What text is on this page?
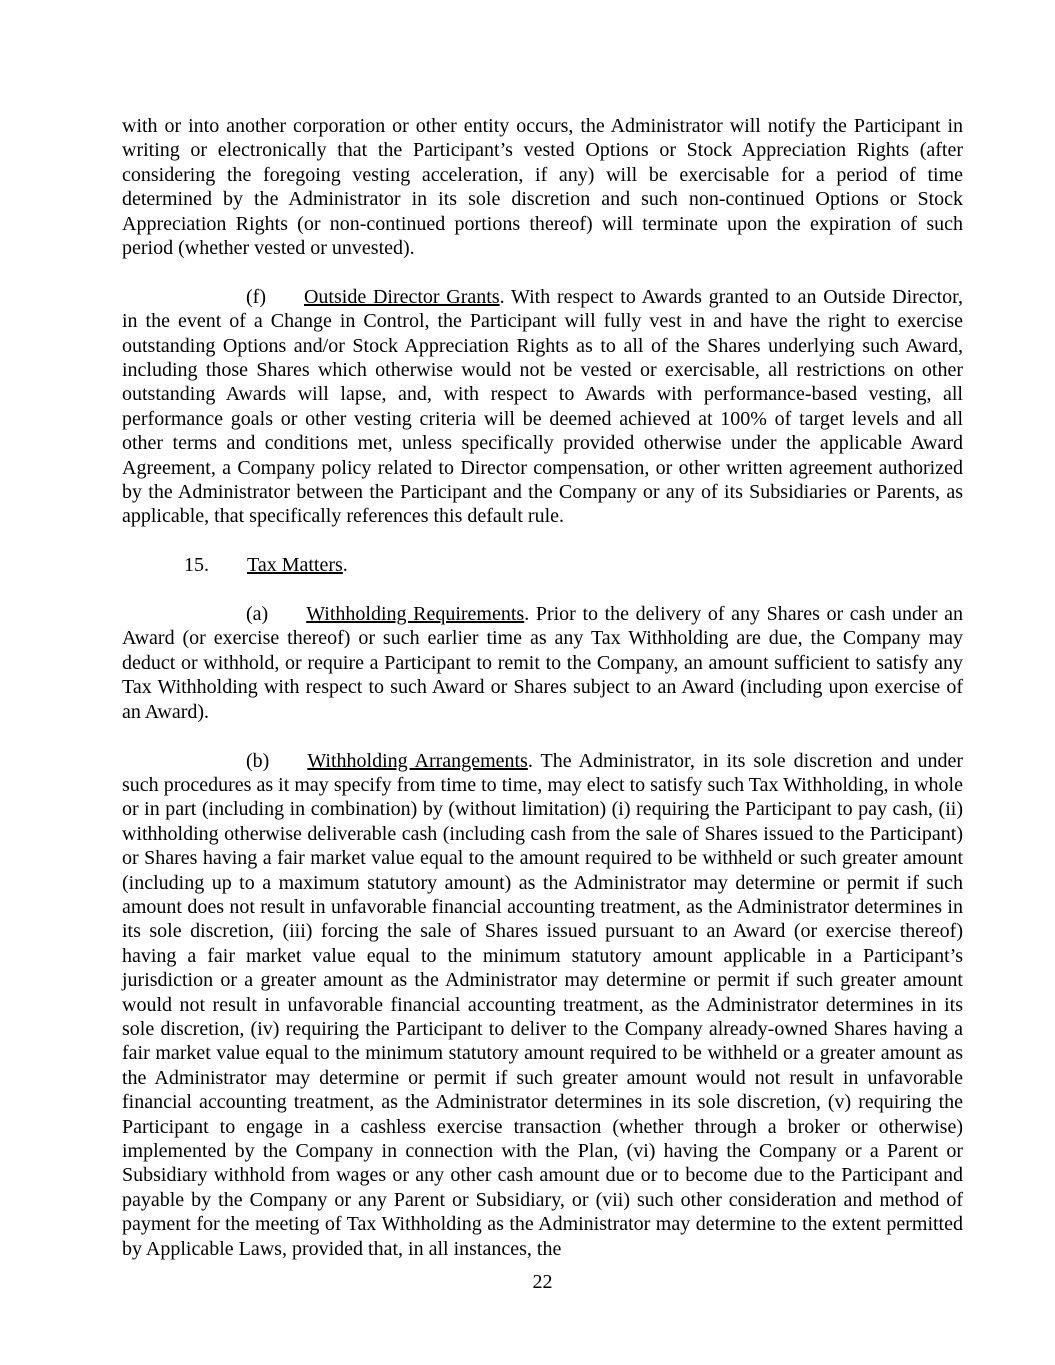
with or into another corporation or other entity occurs, the Administrator will notify the Participant in writing or electronically that the Participant’s vested Options or Stock Appreciation Rights (after considering the foregoing vesting acceleration, if any) will be exercisable for a period of time determined by the Administrator in its sole discretion and such non-continued Options or Stock Appreciation Rights (or non-continued portions thereof) will terminate upon the expiration of such period (whether vested or unvested).

(f) Outside Director Grants. With respect to Awards granted to an Outside Director, in the event of a Change in Control, the Participant will fully vest in and have the right to exercise outstanding Options and/or Stock Appreciation Rights as to all of the Shares underlying such Award, including those Shares which otherwise would not be vested or exercisable, all restrictions on other outstanding Awards will lapse, and, with respect to Awards with performance-based vesting, all performance goals or other vesting criteria will be deemed achieved at 100% of target levels and all other terms and conditions met, unless specifically provided otherwise under the applicable Award Agreement, a Company policy related to Director compensation, or other written agreement authorized by the Administrator between the Participant and the Company or any of its Subsidiaries or Parents, as applicable, that specifically references this default rule.

15. Tax Matters.

(a) Withholding Requirements. Prior to the delivery of any Shares or cash under an Award (or exercise thereof) or such earlier time as any Tax Withholding are due, the Company may deduct or withhold, or require a Participant to remit to the Company, an amount sufficient to satisfy any Tax Withholding with respect to such Award or Shares subject to an Award (including upon exercise of an Award).

(b) Withholding Arrangements. The Administrator, in its sole discretion and under such procedures as it may specify from time to time, may elect to satisfy such Tax Withholding, in whole or in part (including in combination) by (without limitation) (i) requiring the Participant to pay cash, (ii) withholding otherwise deliverable cash (including cash from the sale of Shares issued to the Participant) or Shares having a fair market value equal to the amount required to be withheld or such greater amount (including up to a maximum statutory amount) as the Administrator may determine or permit if such amount does not result in unfavorable financial accounting treatment, as the Administrator determines in its sole discretion, (iii) forcing the sale of Shares issued pursuant to an Award (or exercise thereof) having a fair market value equal to the minimum statutory amount applicable in a Participant’s jurisdiction or a greater amount as the Administrator may determine or permit if such greater amount would not result in unfavorable financial accounting treatment, as the Administrator determines in its sole discretion, (iv) requiring the Participant to deliver to the Company already-owned Shares having a fair market value equal to the minimum statutory amount required to be withheld or a greater amount as the Administrator may determine or permit if such greater amount would not result in unfavorable financial accounting treatment, as the Administrator determines in its sole discretion, (v) requiring the Participant to engage in a cashless exercise transaction (whether through a broker or otherwise) implemented by the Company in connection with the Plan, (vi) having the Company or a Parent or Subsidiary withhold from wages or any other cash amount due or to become due to the Participant and payable by the Company or any Parent or Subsidiary, or (vii) such other consideration and method of payment for the meeting of Tax Withholding as the Administrator may determine to the extent permitted by Applicable Laws, provided that, in all instances, the

22
